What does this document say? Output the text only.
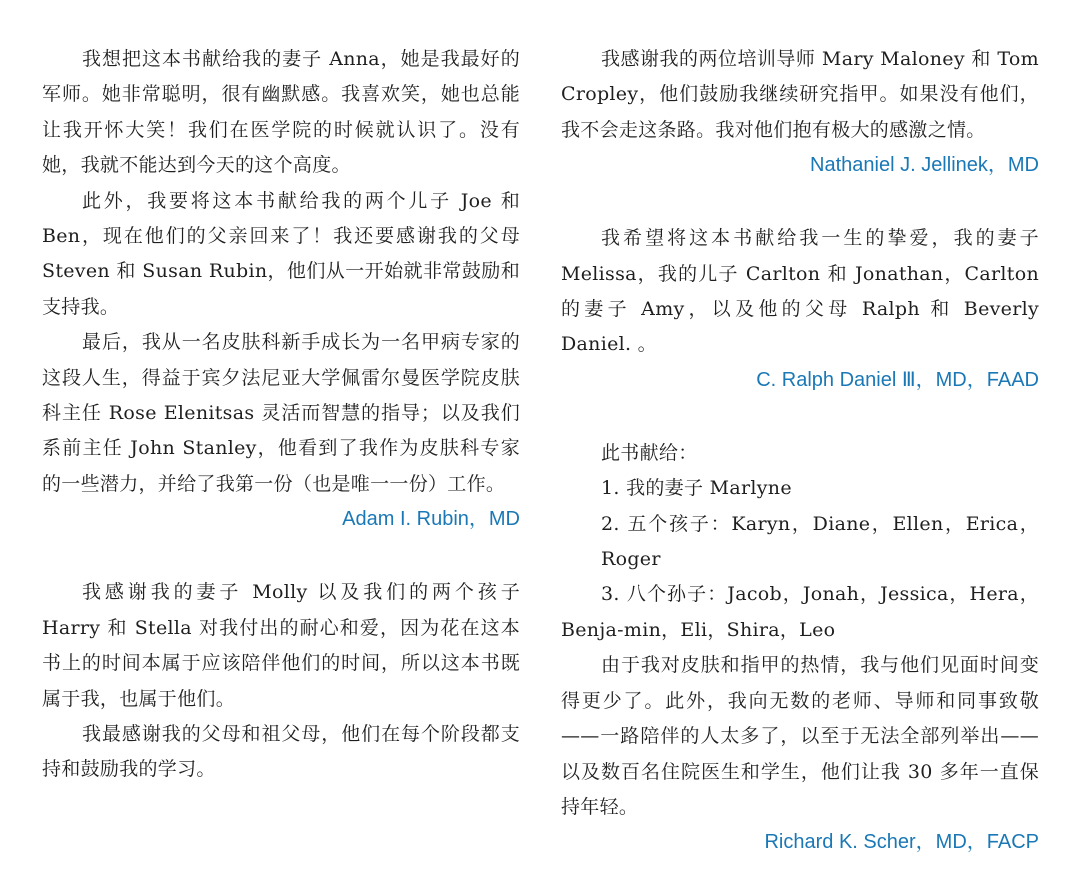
我想把这本书献给我的妻子 Anna，她是我最好的军师。她非常聪明，很有幽默感。我喜欢笑，她也总能让我开怀大笑！我们在医学院的时候就认识了。没有她，我就不能达到今天的这个高度。

此外，我要将这本书献给我的两个儿子 Joe 和 Ben，现在他们的父亲回来了！我还要感谢我的父母 Steven 和 Susan Rubin，他们从一开始就非常鼓励和支持我。

最后，我从一名皮肤科新手成长为一名甲病专家的这段人生，得益于宾夕法尼亚大学佩雷尔曼医学院皮肤科主任 Rose Elenitsas 灵活而智慧的指导；以及我们系前主任 John Stanley，他看到了我作为皮肤科专家的一些潜力，并给了我第一份（也是唯一一份）工作。

Adam I. Rubin，MD

我感谢我的妻子 Molly 以及我们的两个孩子 Harry 和 Stella 对我付出的耐心和爱，因为花在这本书上的时间本属于应该陪伴他们的时间，所以这本书既属于我，也属于他们。

我最感谢我的父母和祖父母，他们在每个阶段都支持和鼓励我的学习。

我感谢我的两位培训导师 Mary Maloney 和 Tom Cropley，他们鼓励我继续研究指甲。如果没有他们，我不会走这条路。我对他们抱有极大的感激之情。

Nathaniel J. Jellinek，MD

我希望将这本书献给我一生的挚爱，我的妻子 Melissa，我的儿子 Carlton 和 Jonathan，Carlton 的妻子 Amy，以及他的父母 Ralph 和 Beverly Daniel. 。

C. Ralph Daniel Ⅲ，MD，FAAD

此书献给：

1. 我的妻子 Marlyne

2. 五个孩子：Karyn，Diane，Ellen，Erica，Roger

3. 八个孙子：Jacob，Jonah，Jessica，Hera，Benja-min，Eli，Shira，Leo

由于我对皮肤和指甲的热情，我与他们见面时间变得更少了。此外，我向无数的老师、导师和同事致敬——一路陪伴的人太多了，以至于无法全部列举出——以及数百名住院医生和学生，他们让我 30 多年一直保持年轻。

Richard K. Scher，MD，FACP
